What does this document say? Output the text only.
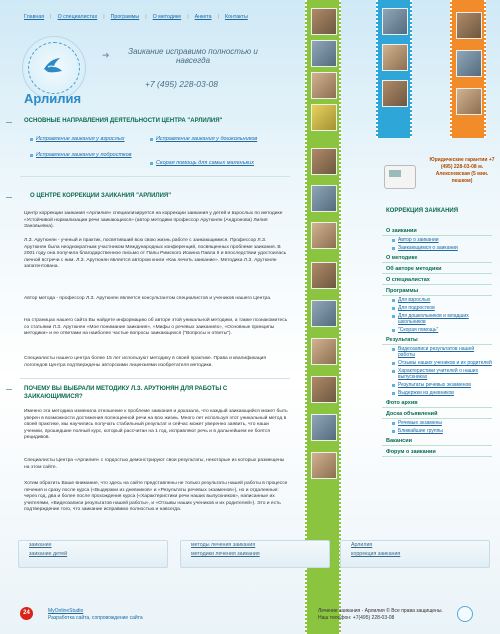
Главная | О специалистах | Программы | О методике | Анкета | Контакты
Арлилия
➜	Заикание исправимо полностью и навсегда
+7 (495) 228-03-08
Юридические гарантии +7 (495) 228-03-08 м. Алексеевская (5 мин. пешком)
КОРРЕКЦИЯ ЗАИКАНИЯ
О заикании
Автор о заикании
Заикающимся о заикании
О методике
Об авторе методики
О специалистах
Программы
Для взрослых
Для подростков
Для дошкольников и младших школьников
"Скорая помощь"
Результаты
Видеозаписи результатов нашей работы
Отзывы наших учеников и их родителей
Характеристики учителей о наших выпускниках
Результаты речевых экзаменов
Выдержки из дневников
Фото архив
Доска объявлений
Речевые экзамены
Ближайшие группы
Вакансии
Форум о заикании
ОСНОВНЫЕ НАПРАВЛЕНИЯ ДЕЯТЕЛЬНОСТИ ЦЕНТРА "АРЛИЛИЯ"
Исправление заикания у взрослых
Исправление заикания у подростков
Исправление заикания у дошкольников
Скорая помощь для самых маленьких
О ЦЕНТРЕ КОРРЕКЦИИ ЗАИКАНИЯ "АРЛИЛИЯ"
Центр коррекции заикания «Арлилия» специализируется на коррекции заикания у детей и взрослых по методике «Устойчивой нормализации речи заикающихся» (автор методики профессор Арутюнян (Андронова) Лилия Зановьевна).
Л.З. Арутюнян - ученый и практик, посвятивший всю свою жизнь работе с заикающимися. Профессор Л.З. Арутюнян была неоднократным участником Международных конференций, посвященных проблеме заикания. В 2001 году она получила благодарственное письмо от Папы Римского Иоанна Павла II и впоследствии удостоилась личной встречи с ним. Л.З. Арутюнян является автором книги «Как лечить заикание». Методика Л.З. Арутюнян запатентована.
Автор метода - профессор Л.З. Арутюнян является консультантом специалистов и учеников нашего Центра.
На страницах нашего сайта Вы найдете информацию об авторе этой уникальной методики, а также познакомитесь со статьями Л.З. Арутюнян «Мое понимание заикания», «Мифы о речевых заиканиях», «Основные принципы методики» и ее ответами на наиболее частые вопросы заикающихся ("Вопросы и ответы").
Специалисты нашего центра более 15 лет используют методику в своей практике. Права и квалификация логопедов Центра подтверждены авторскими лицензиями изобретателя методики.
ПОЧЕМУ ВЫ ВЫБРАЛИ МЕТОДИКУ Л.З. АРУТЮНЯН ДЛЯ РАБОТЫ С ЗАИКАЮЩИМИСЯ?
Именно эта методика изменила отношение к проблеме заикания и доказала, что каждый заикающийся может быть уверен в возможности достижения полноценной речи на всю жизнь. Много лет используя этот уникальный метод в своей практике, мы научились получать стабильный результат и сейчас может уверенно заявить, что наши ученики, прошедшие полный курс, который рассчитан на 1 год, исправляют речь и в дальнейшем не боятся рецидивов.
Специалисты Центра «Арлилия» с гордостью демонстрируют свои результаты, некоторые из которых размещены на этом сайте.
Хотим обратить Ваше внимание, что здесь на сайте представлены не только результаты нашей работы в процессе лечения и сразу после курса («Выдержки из дневников» и «Результаты речевых экзаменов»), но и отдаленные: через год, два и более после прохождения курса («Характеристики речи наших выпускников», написанные их учителями, «Видеозаписи результатов нашей работы», и «Отзывы наших учеников и их родителей»). Это и есть подтверждение того, что заикание исправимо полностью и навсегда.
заикание
заикание детей
методы лечения заикания
методики лечения заикания
Арлилия
коррекция заикания
24	MyOnlineStudio
Разработка сайта, сопровождение сайта
Лечение заикания - Арлилия © Все права защищены.
Наш телефон: +7(495) 228-03-08
